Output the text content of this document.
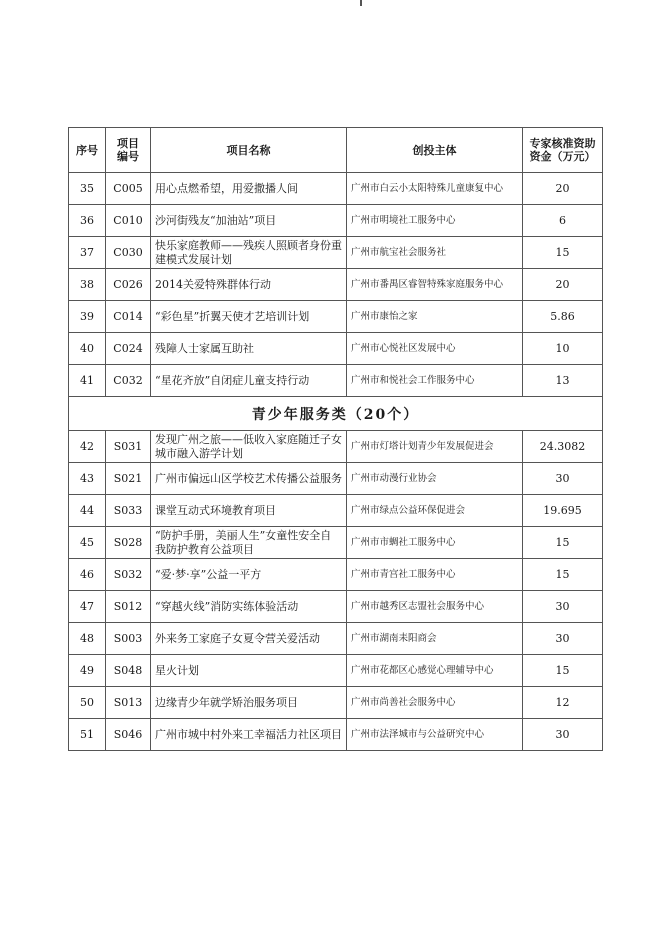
序号	项目编号	项目名称	创投主体	专家核准资助资金（万元）
35	C005	用心点燃希望，用爱撒播人间	广州市白云小太阳特殊儿童康复中心	20
36	C010	沙河街残友“加油站”项目	广州市明境社工服务中心	6
37	C030	快乐家庭教师——残疾人照顾者身份重建模式发展计划	广州市航宝社会服务社	15
38	C026	2014关爱特殊群体行动	广州市番禺区睿智特殊家庭服务中心	20
39	C014	“彩色星”折翼天使才艺培训计划	广州市康怡之家	5.86
40	C024	残障人士家属互助社	广州市心悦社区发展中心	10
41	C032	“星花齐放”自闭症儿童支持行动	广州市和悦社会工作服务中心	13
青少年服务类（20个）				
42	S031	发现广州之旅——低收入家庭随迁子女城市融入游学计划	广州市灯塔计划青少年发展促进会	24.3082
43	S021	广州市偏远山区学校艺术传播公益服务	广州市动漫行业协会	30
44	S033	课堂互动式环境教育项目	广州市绿点公益环保促进会	19.695
45	S028	“防护手册，美丽人生”女童性安全自我防护教育公益项目	广州市市蜩社工服务中心	15
46	S032	“爱·梦·享”公益一平方	广州市青宫社工服务中心	15
47	S012	“穿越火线”消防实练体验活动	广州市越秀区志盟社会服务中心	30
48	S003	外来务工家庭子女夏令营关爱活动	广州市湖南耒阳商会	30
49	S048	星火计划	广州市花都区心感觉心理辅导中心	15
50	S013	边缘青少年就学矫治服务项目	广州市尚善社会服务中心	12
51	S046	广州市城中村外来工幸福活力社区项目	广州市法泽城市与公益研究中心	30
